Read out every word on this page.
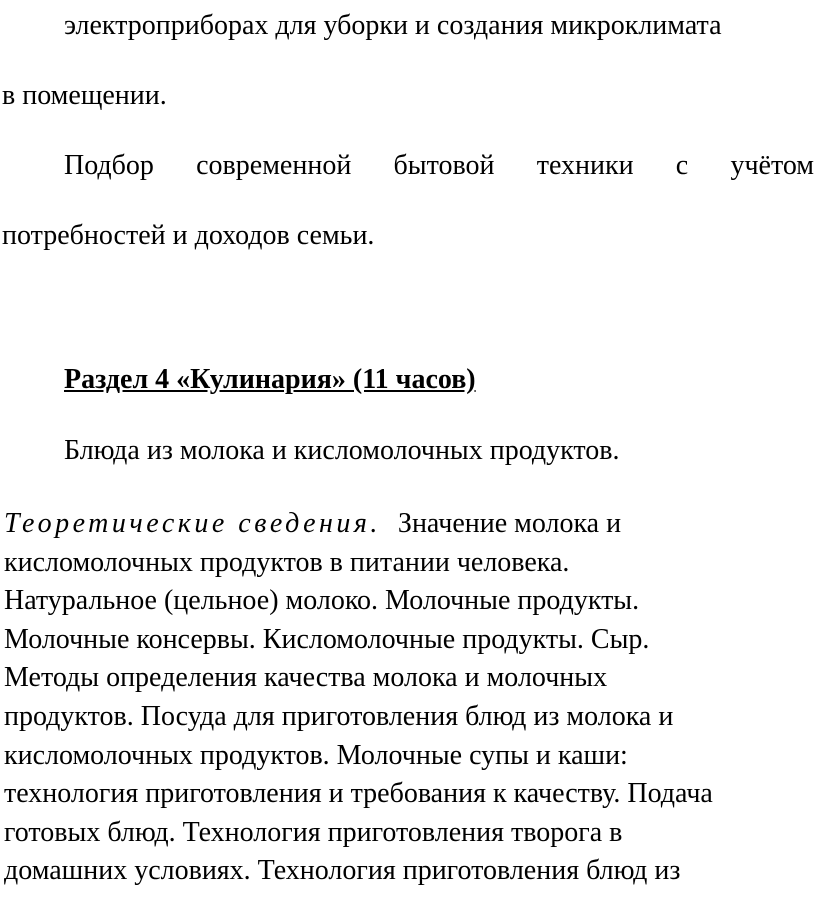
электроприборах для уборки и создания микроклимата
в помещении.
Подбор современной бытовой техники с учётом
потребностей и доходов семьи.
Раздел 4 «Кулинария» (11 часов)
Блюда из молока и кисломолочных продуктов.
Теоретические сведения. Значение молока и
кисломолочных продуктов в питании человека.
Натуральное (цельное) молоко. Молочные продукты.
Молочные консервы. Кисломолочные продукты. Сыр.
Методы определения качества молока и молочных
продуктов. Посуда для приготовления блюд из молока и
кисломолочных продуктов. Молочные супы и каши:
технология приготовления и требования к качеству. Подача
готовых блюд. Технология приготовления творога в
домашних условиях. Технология приготовления блюд из
